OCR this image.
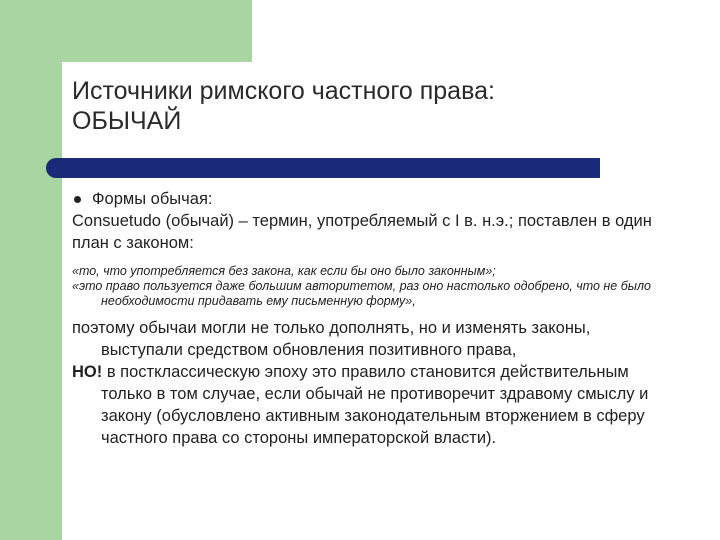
Источники римского частного права:
ОБЫЧАЙ
Формы обычая:

Consuetudo (обычай) – термин, употребляемый с I в. н.э.; поставлен в один план с законом:

«то, что употребляется без закона, как если бы оно было законным»;

«это право пользуется даже большим авторитетом, раз оно настолько одобрено, что не было необходимости придавать ему письменную форму»,

поэтому обычаи могли не только дополнять, но и изменять законы, выступали средством обновления позитивного права,

НО! в постклассическую эпоху это правило становится действительным только в том случае, если обычай не противоречит здравому смыслу и закону (обусловлено активным законодательным вторжением в сферу частного права со стороны императорской власти).
